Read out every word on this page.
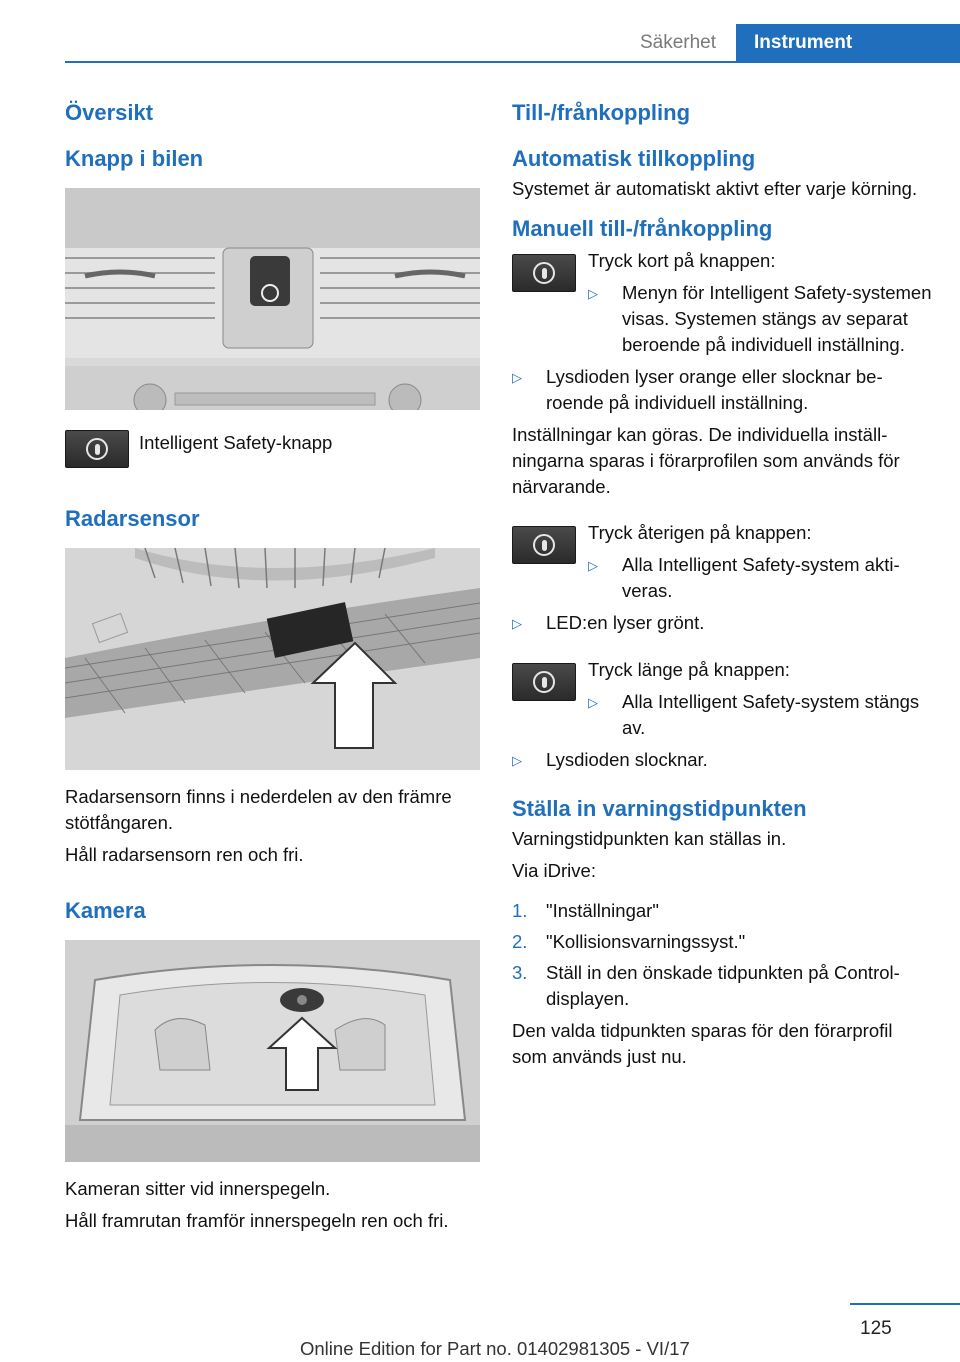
Säkerhet	Instrument
Översikt
Knapp i bilen

Intelligent Safety-knapp

Radarsensor

Radarsensorn finns i nederdelen av den främre stötfångaren.

Håll radarsensorn ren och fri.

Kamera

Kameran sitter vid innerspegeln.

Håll framrutan framför innerspegeln ren och fri.

Till-/frånkoppling
Automatisk tillkoppling

Systemet är automatiskt aktivt efter varje körning.

Manuell till-/frånkoppling

Tryck kort på knappen:

▷	Menyn för Intelligent Safety-systemen visas. Systemen stängs av separat beroende på individuell inställning.
▷	Lysdioden lyser orange eller slocknar beroende på individuell inställning.

Inställningar kan göras. De individuella inställningarna sparas i förarprofilen som används för närvarande.

Tryck återigen på knappen:

▷	Alla Intelligent Safety-system aktiveras.
▷	LED:en lyser grönt.

Tryck länge på knappen:

▷	Alla Intelligent Safety-system stängs av.
▷	Lysdioden slocknar.
Ställa in varningstidpunkten

Varningstidpunkten kan ställas in.

Via iDrive:

1.	"Inställningar"
2.	"Kollisionsvarningssyst."
3.	Ställ in den önskade tidpunkten på Control-displayen.

Den valda tidpunkten sparas för den förarprofil som används just nu.

125
Online Edition for Part no. 01402981305 - VI/17
